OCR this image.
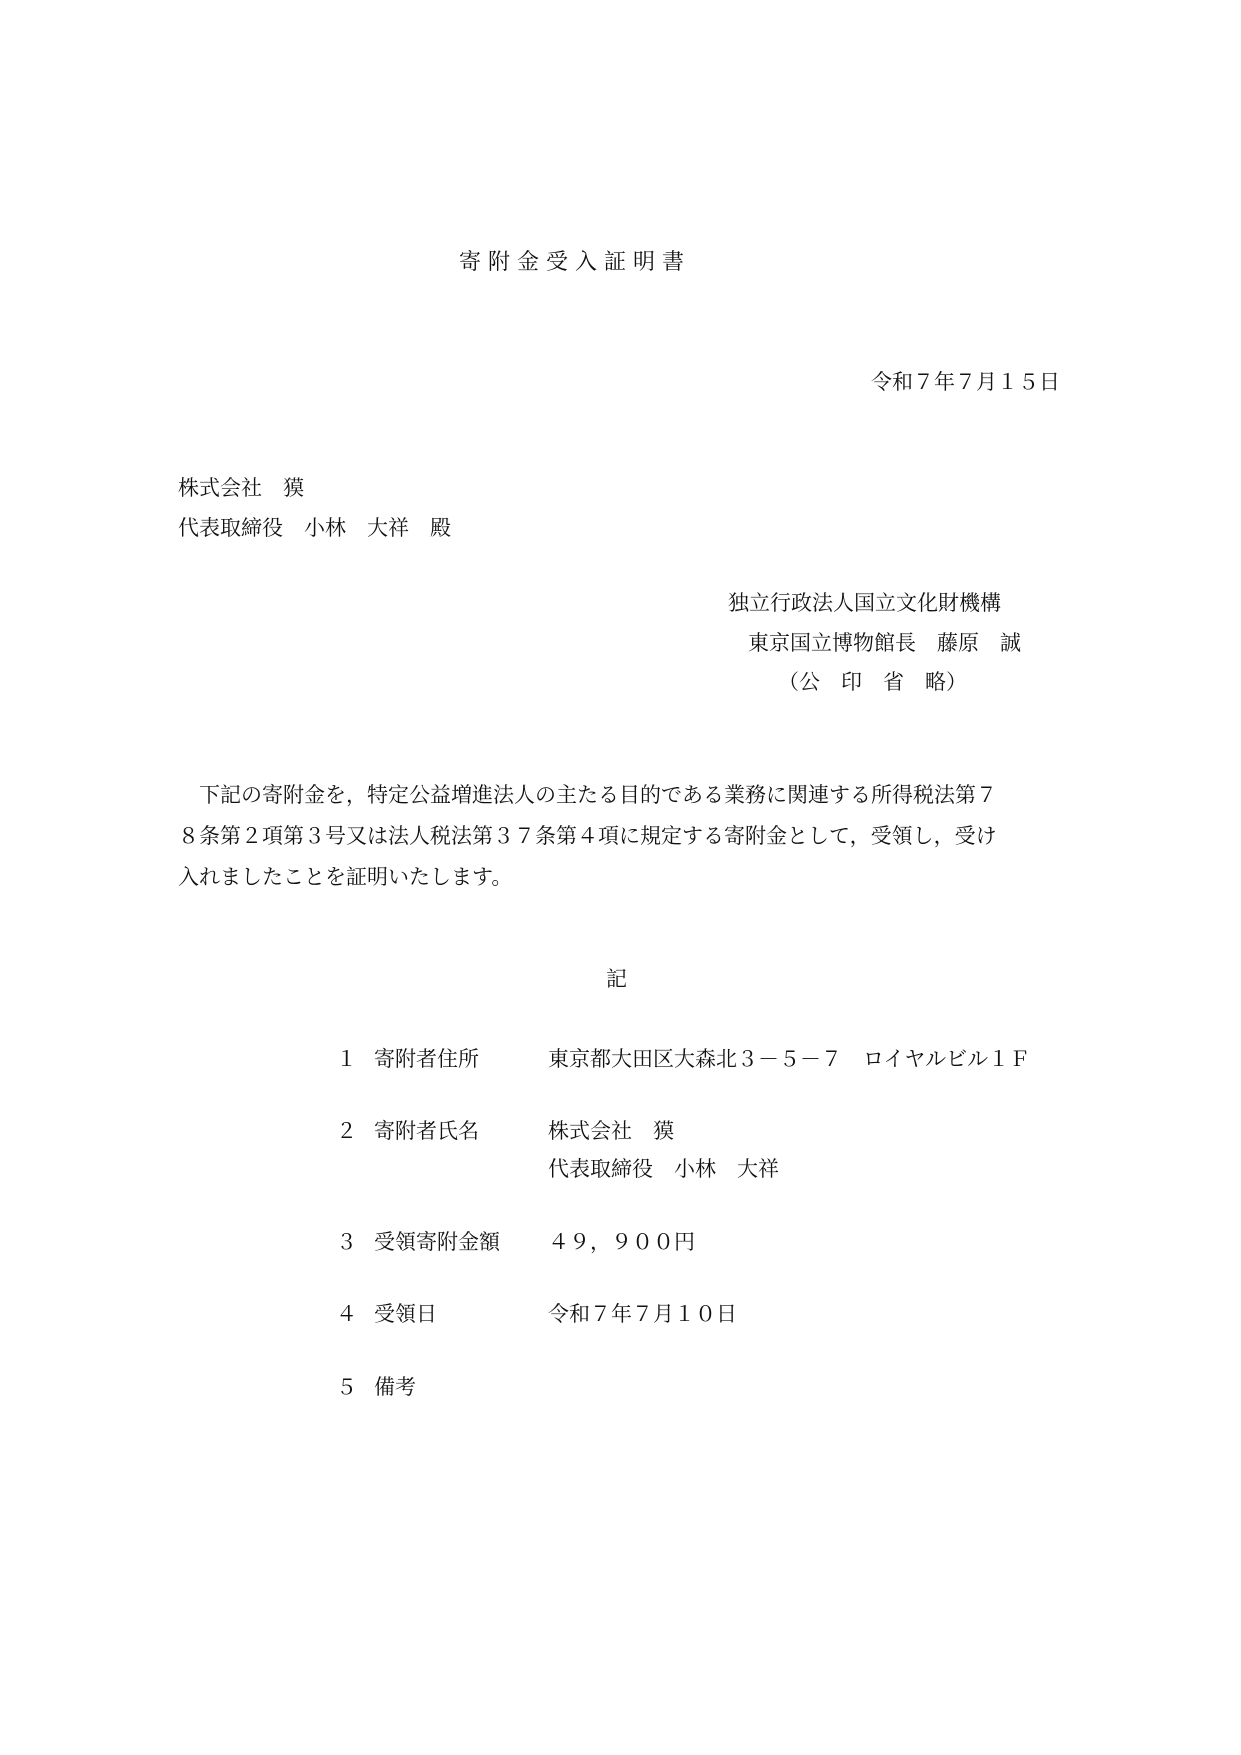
寄 附 金 受 入 証 明 書
令和７年７月１５日
株式会社　獏
代表取締役　小林　大祥　殿
独立行政法人国立文化財機構
東京国立博物館長　藤原　誠
（公　印　省　略）
　下記の寄附金を，特定公益増進法人の主たる目的である業務に関連する所得税法第７
８条第２項第３号又は法人税法第３７条第４項に規定する寄附金として，受領し，受け
入れましたことを証明いたします。
記
１ 寄附者住所	東京都大田区大森北３－５－７　ロイヤルビル１Ｆ
２ 寄附者氏名	株式会社　獏
代表取締役　小林　大祥
３ 受領寄附金額 ４９，９００円
４ 受領日	令和７年７月１０日
５ 備考
